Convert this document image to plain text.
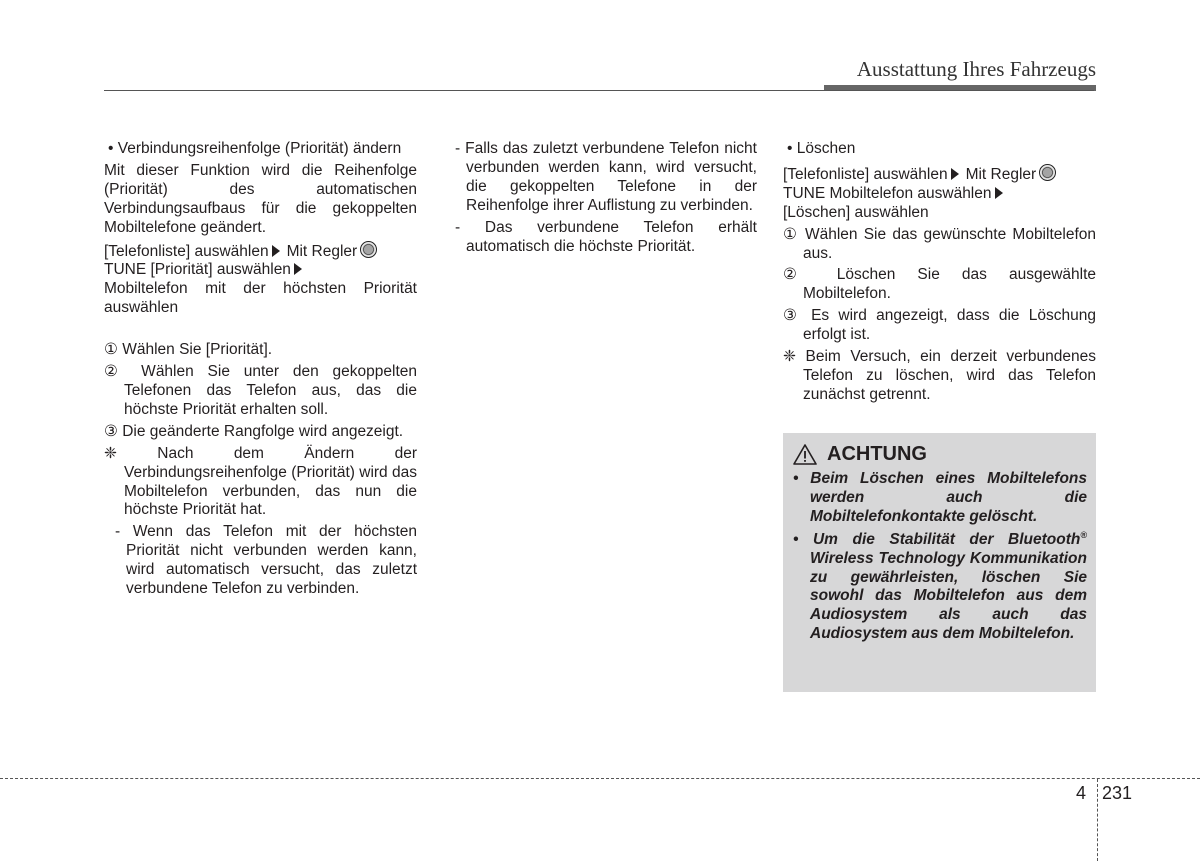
Ausstattung Ihres Fahrzeugs

• Verbindungsreihenfolge (Priorität) ändern

Mit dieser Funktion wird die Reihenfolge (Priorität) des automatischen Verbindungsaufbaus für die gekoppelten Mobiltelefone geändert.

[Telefonliste] auswählen Mit Regler
TUNE [Priorität] auswählen
Mobiltelefon mit der höchsten Priorität auswählen

① Wählen Sie [Priorität].

② Wählen Sie unter den gekoppelten Telefonen das Telefon aus, das die höchste Priorität erhalten soll.

③ Die geänderte Rangfolge wird angezeigt.

❈ Nach dem Ändern der Verbindungsreihenfolge (Priorität) wird das Mobiltelefon verbunden, das nun die höchste Priorität hat.

- Wenn das Telefon mit der höchsten Priorität nicht verbunden werden kann, wird automatisch versucht, das zuletzt verbundene Telefon zu verbinden.

- Falls das zuletzt verbundene Telefon nicht verbunden werden kann, wird versucht, die gekoppelten Telefone in der Reihenfolge ihrer Auflistung zu verbinden.

- Das verbundene Telefon erhält automatisch die höchste Priorität.

• Löschen

[Telefonliste] auswählen Mit Regler
TUNE Mobiltelefon auswählen
[Löschen] auswählen

① Wählen Sie das gewünschte Mobiltelefon aus.

② Löschen Sie das ausgewählte Mobiltelefon.

③ Es wird angezeigt, dass die Löschung erfolgt ist.

❈ Beim Versuch, ein derzeit verbundenes Telefon zu löschen, wird das Telefon zunächst getrennt.

ACHTUNG

• Beim Löschen eines Mobiltelefons werden auch die Mobiltelefonkontakte gelöscht.

• Um die Stabilität der Bluetooth® Wireless Technology Kommunikation zu gewährleisten, löschen Sie sowohl das Mobiltelefon aus dem Audiosystem als auch das Audiosystem aus dem Mobiltelefon.

4 231
